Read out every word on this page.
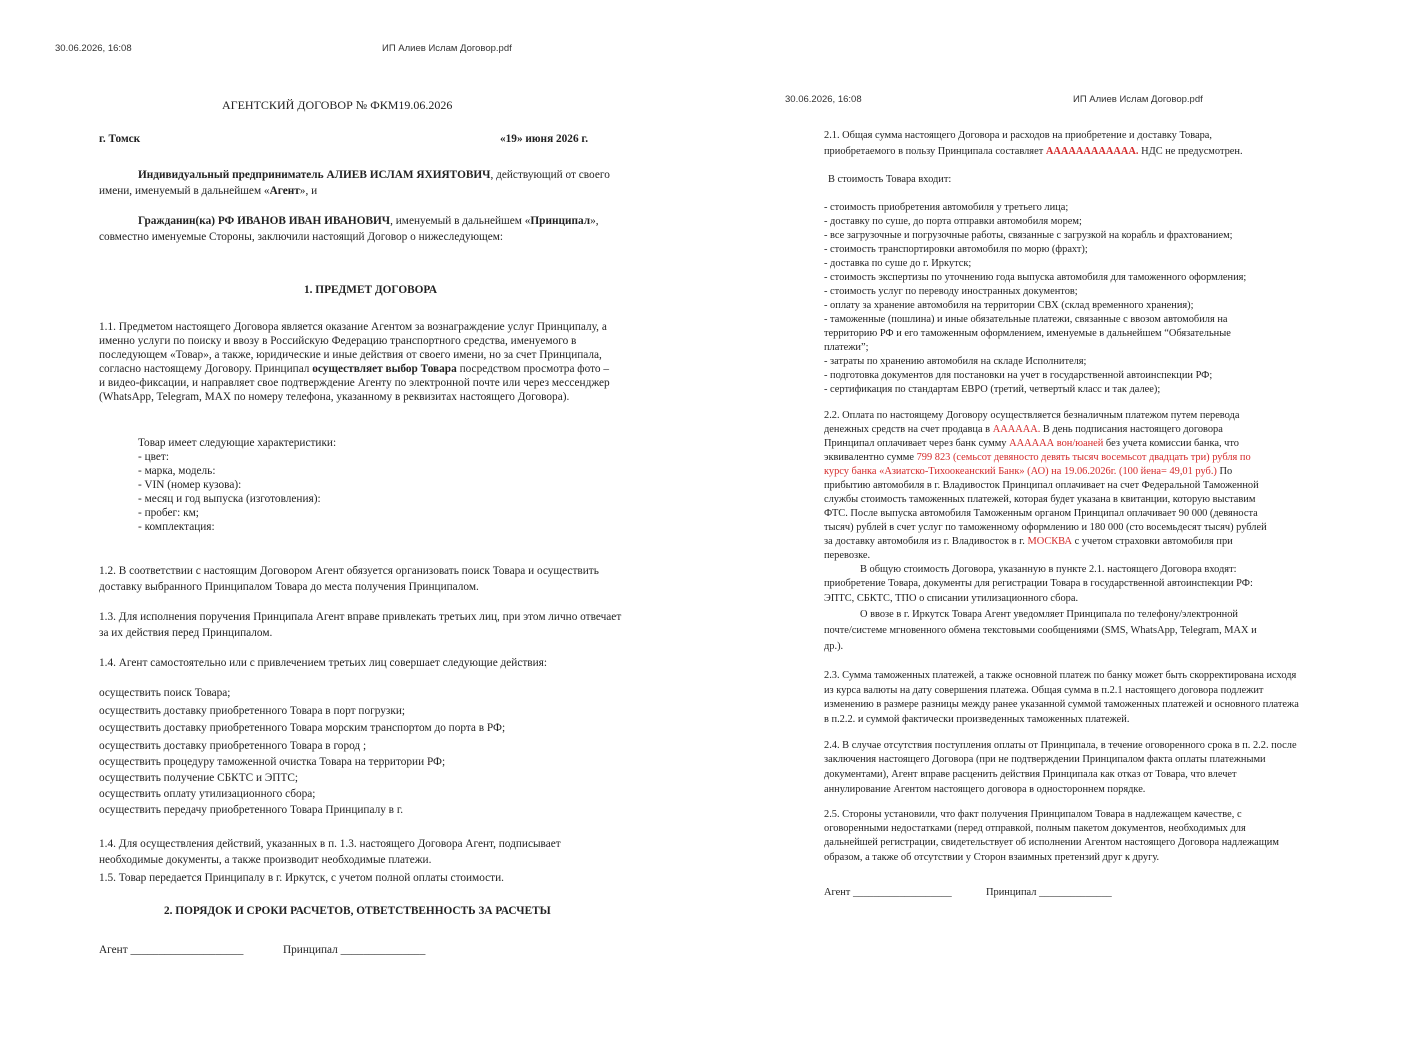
30.06.2026, 16:08	ИП Алиев Ислам Договор.pdf
АГЕНТСКИЙ ДОГОВОР № ФКМ19.06.2026
г. Томск	«19» июня 2026 г.
Индивидуальный предприниматель АЛИЕВ ИСЛАМ ЯХИЯТОВИЧ, действующий от своего
имени, именуемый в дальнейшем «Агент», и
Гражданин(ка) РФ ИВАНОВ ИВАН ИВАНОВИЧ, именуемый в дальнейшем «Принципал»,
совместно именуемые Стороны, заключили настоящий Договор о нижеследующем:
1. ПРЕДМЕТ ДОГОВОРА
1.1. Предметом настоящего Договора является оказание Агентом за вознаграждение услуг Принципалу, а
именно услуги по поиску и ввозу в Российскую Федерацию транспортного средства, именуемого в
последующем «Товар», а также, юридические и иные действия от своего имени, но за счет Принципала,
согласно настоящему Договору. Принципал осуществляет выбор Товара посредством просмотра фото –
и видео-фиксации, и направляет свое подтверждение Агенту по электронной почте или через мессенджер
(WhatsApp, Telegram, MAX по номеру телефона, указанному в реквизитах настоящего Договора).
Товар имеет следующие характеристики:
- цвет:
- марка, модель:
- VIN (номер кузова):
- месяц и год выпуска (изготовления):
- пробег: км;
- комплектация:
1.2. В соответствии с настоящим Договором Агент обязуется организовать поиск Товара и осуществить
доставку выбранного Принципалом Товара до места получения Принципалом.
1.3. Для исполнения поручения Принципала Агент вправе привлекать третьих лиц, при этом лично отвечает
за их действия перед Принципалом.
1.4. Агент самостоятельно или с привлечением третьих лиц совершает следующие действия:
осуществить поиск Товара;
осуществить доставку приобретенного Товара в порт погрузки;
осуществить доставку приобретенного Товара морским транспортом до порта в РФ;
осуществить доставку приобретенного Товара в город ;
осуществить процедуру таможенной очистка Товара на территории РФ;
осуществить получение СБКТС и ЭПТС;
осуществить оплату утилизационного сбора;
осуществить передачу приобретенного Товара Принципалу в г.
1.4. Для осуществления действий, указанных в п. 1.3. настоящего Договора Агент, подписывает
необходимые документы, а также производит необходимые платежи.
1.5. Товар передается Принципалу в г. Иркутск, с учетом полной оплаты стоимости.
2. ПОРЯДОК И СРОКИ РАСЧЕТОВ, ОТВЕТСТВЕННОСТЬ ЗА РАСЧЕТЫ
Агент ____________________	Принципал _______________
30.06.2026, 16:08	ИП Алиев Ислам Договор.pdf
2.1. Общая сумма настоящего Договора и расходов на приобретение и доставку Товара,
приобретаемого в пользу Принципала составляет АААААААААААА. НДС не предусмотрен.
В стоимость Товара входит:
- стоимость приобретения автомобиля у третьего лица;
- доставку по суше, до порта отправки автомобиля морем;
- все загрузочные и погрузочные работы, связанные с загрузкой на корабль и фрахтованием;
- стоимость транспортировки автомобиля по морю (фрахт);
- доставка по суше до г. Иркутск;
- стоимость экспертизы по уточнению года выпуска автомобиля для таможенного оформления;
- стоимость услуг по переводу иностранных документов;
- оплату за хранение автомобиля на территории СВХ (склад временного хранения);
- таможенные (пошлина) и иные обязательные платежи, связанные с ввозом автомобиля на
территорию РФ и его таможенным оформлением, именуемые в дальнейшем “Обязательные
платежи”;
- затраты по хранению автомобиля на складе Исполнителя;
- подготовка документов для постановки на учет в государственной автоинспекции РФ;
- сертификация по стандартам ЕВРО (третий, четвертый класс и так далее);
2.2. Оплата по настоящему Договору осуществляется безналичным платежом путем перевода
денежных средств на счет продавца в АААААА. В день подписания настоящего договора
Принципал оплачивает через банк сумму АААААА вон/юаней без учета комиссии банка, что
эквивалентно сумме 799 823 (семьсот девяносто девять тысяч восемьсот двадцать три) рубля по
курсу банка «Азиатско-Тихоокеанский Банк» (АО) на 19.06.2026г. (100 йена= 49,01 руб.) По
прибытию автомобиля в г. Владивосток Принципал оплачивает на счет Федеральной Таможенной
службы стоимость таможенных платежей, которая будет указана в квитанции, которую выставим
ФТС. После выпуска автомобиля Таможенным органом Принципал оплачивает 90 000 (девяноста
тысяч) рублей в счет услуг по таможенному оформлению и 180 000 (сто восемьдесят тысяч) рублей
за доставку автомобиля из г. Владивосток в г. МОСКВА с учетом страховки автомобиля при
перевозке.
В общую стоимость Договора, указанную в пункте 2.1. настоящего Договора входят:
приобретение Товара, документы для регистрации Товара в государственной автоинспекции РФ:
ЭПТС, СБКТС, ТПО о списании утилизационного сбора.
О ввозе в г. Иркутск Товара Агент уведомляет Принципала по телефону/электронной
почте/системе мгновенного обмена текстовыми сообщениями (SMS, WhatsApp, Telegram, MAX и
др.).
2.3. Сумма таможенных платежей, а также основной платеж по банку может быть скорректирована исходя
из курса валюты на дату совершения платежа. Общая сумма в п.2.1 настоящего договора подлежит
изменению в размере разницы между ранее указанной суммой таможенных платежей и основного платежа
в п.2.2. и суммой фактически произведенных таможенных платежей.
2.4. В случае отсутствия поступления оплаты от Принципала, в течение оговоренного срока в п. 2.2. после
заключения настоящего Договора (при не подтверждении Принципалом факта оплаты платежными
документами), Агент вправе расценить действия Принципала как отказ от Товара, что влечет
аннулирование Агентом настоящего договора в одностороннем порядке.
2.5. Стороны установили, что факт получения Принципалом Товара в надлежащем качестве, с
оговоренными недостатками (перед отправкой, полным пакетом документов, необходимых для
дальнейшей регистрации, свидетельствует об исполнении Агентом настоящего Договора надлежащим
образом, а также об отсутствии у Сторон взаимных претензий друг к другу.
Агент ___________________	Принципал ______________
